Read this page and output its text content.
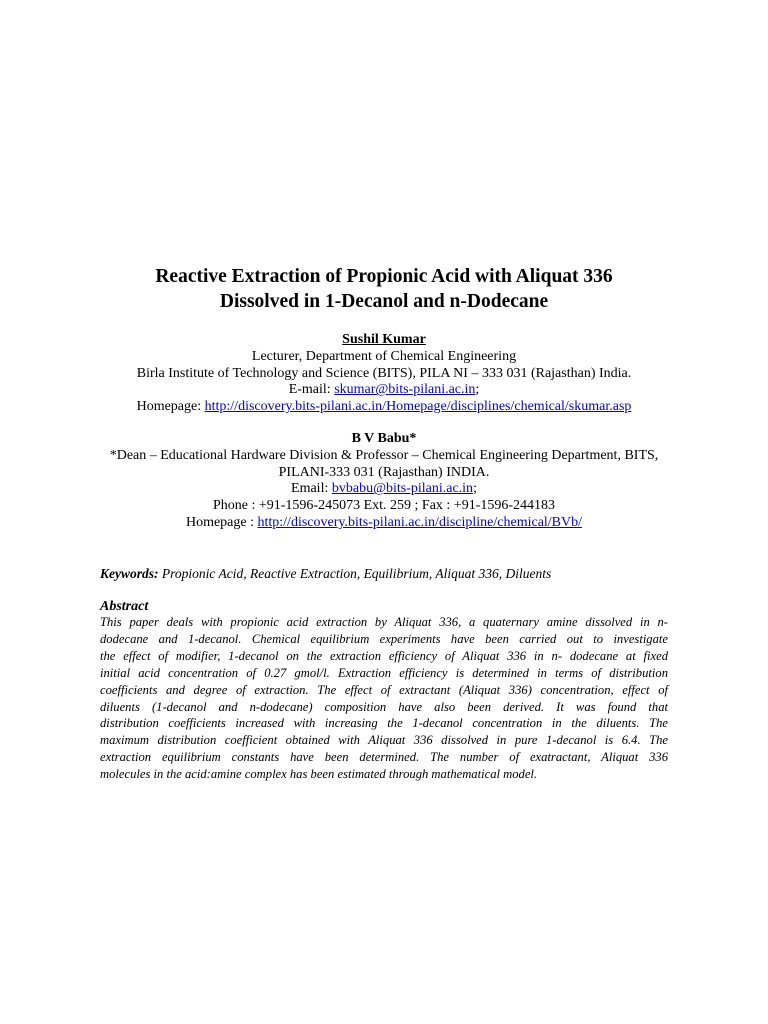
Reactive Extraction of Propionic Acid with Aliquat 336
Dissolved in 1-Decanol and n-Dodecane
Sushil Kumar
Lecturer, Department of Chemical Engineering
Birla Institute of Technology and Science (BITS), PILA NI – 333 031 (Rajasthan) India.
E-mail: skumar@bits-pilani.ac.in;
Homepage: http://discovery.bits-pilani.ac.in/Homepage/disciplines/chemical/skumar.asp
B V Babu*
*Dean – Educational Hardware Division & Professor – Chemical Engineering Department, BITS,
PILANI-333 031 (Rajasthan) INDIA.
Email: bvbabu@bits-pilani.ac.in;
Phone : +91-1596-245073 Ext. 259 ; Fax : +91-1596-244183
Homepage : http://discovery.bits-pilani.ac.in/discipline/chemical/BVb/
Keywords: Propionic Acid, Reactive Extraction, Equilibrium, Aliquat 336, Diluents
Abstract
This paper deals with propionic acid extraction by Aliquat 336, a quaternary amine dissolved in n-
dodecane and 1-decanol. Chemical equilibrium experiments have been carried out to investigate
the effect of modifier, 1-decanol on the extraction efficiency of Aliquat 336 in n- dodecane at fixed
initial acid concentration of 0.27 gmol/l. Extraction efficiency is determined in terms of distribution
coefficients and degree of extraction. The effect of extractant (Aliquat 336) concentration, effect of
diluents (1-decanol and n-dodecane) composition have also been derived. It was found that
distribution coefficients increased with increasing the 1-decanol concentration in the diluents. The
maximum distribution coefficient obtained with Aliquat 336 dissolved in pure 1-decanol is 6.4. The
extraction equilibrium constants have been determined. The number of exatractant, Aliquat 336
molecules in the acid:amine complex has been estimated through mathematical model.
